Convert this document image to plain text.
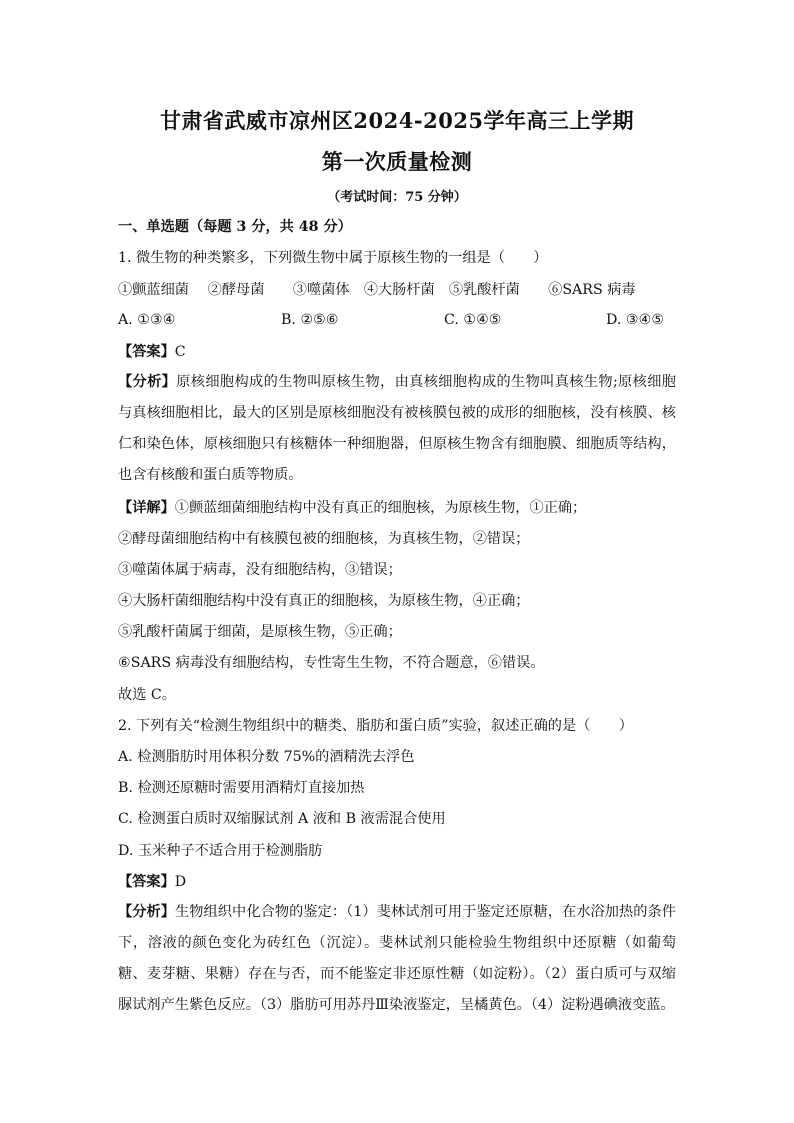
甘肃省武威市凉州区2024-2025学年高三上学期
第一次质量检测
（考试时间：75 分钟）
一、单选题（每题 3 分，共 48 分）
1. 微生物的种类繁多，下列微生物中属于原核生物的一组是（　　）
①颤蓝细菌　 ②酵母菌　　③噬菌体　④大肠杆菌　⑤乳酸杆菌　　⑥SARS 病毒
A. ①③④	B. ②⑤⑥	C. ①④⑤	D. ③④⑤
【答案】C
【分析】原核细胞构成的生物叫原核生物，由真核细胞构成的生物叫真核生物;原核细胞与真核细胞相比，最大的区别是原核细胞没有被核膜包被的成形的细胞核，没有核膜、核仁和染色体，原核细胞只有核糖体一种细胞器，但原核生物含有细胞膜、细胞质等结构，也含有核酸和蛋白质等物质。
【详解】①颤蓝细菌细胞结构中没有真正的细胞核，为原核生物，①正确；
②酵母菌细胞结构中有核膜包被的细胞核，为真核生物，②错误；
③噬菌体属于病毒，没有细胞结构，③错误；
④大肠杆菌细胞结构中没有真正的细胞核，为原核生物，④正确；
⑤乳酸杆菌属于细菌，是原核生物，⑤正确；
⑥SARS 病毒没有细胞结构，专性寄生生物，不符合题意，⑥错误。
故选 C。
2. 下列有关“检测生物组织中的糖类、脂肪和蛋白质”实验，叙述正确的是（　　）
A. 检测脂肪时用体积分数 75%的酒精洗去浮色
B. 检测还原糖时需要用酒精灯直接加热
C. 检测蛋白质时双缩脲试剂 A 液和 B 液需混合使用
D. 玉米种子不适合用于检测脂肪
【答案】D
【分析】生物组织中化合物的鉴定：（1）斐林试剂可用于鉴定还原糖，在水浴加热的条件下，溶液的颜色变化为砖红色（沉淀）。斐林试剂只能检验生物组织中还原糖（如葡萄糖、麦芽糖、果糖）存在与否，而不能鉴定非还原性糖（如淀粉）。（2）蛋白质可与双缩脲试剂产生紫色反应。（3）脂肪可用苏丹Ⅲ染液鉴定，呈橘黄色。（4）淀粉遇碘液变蓝。
